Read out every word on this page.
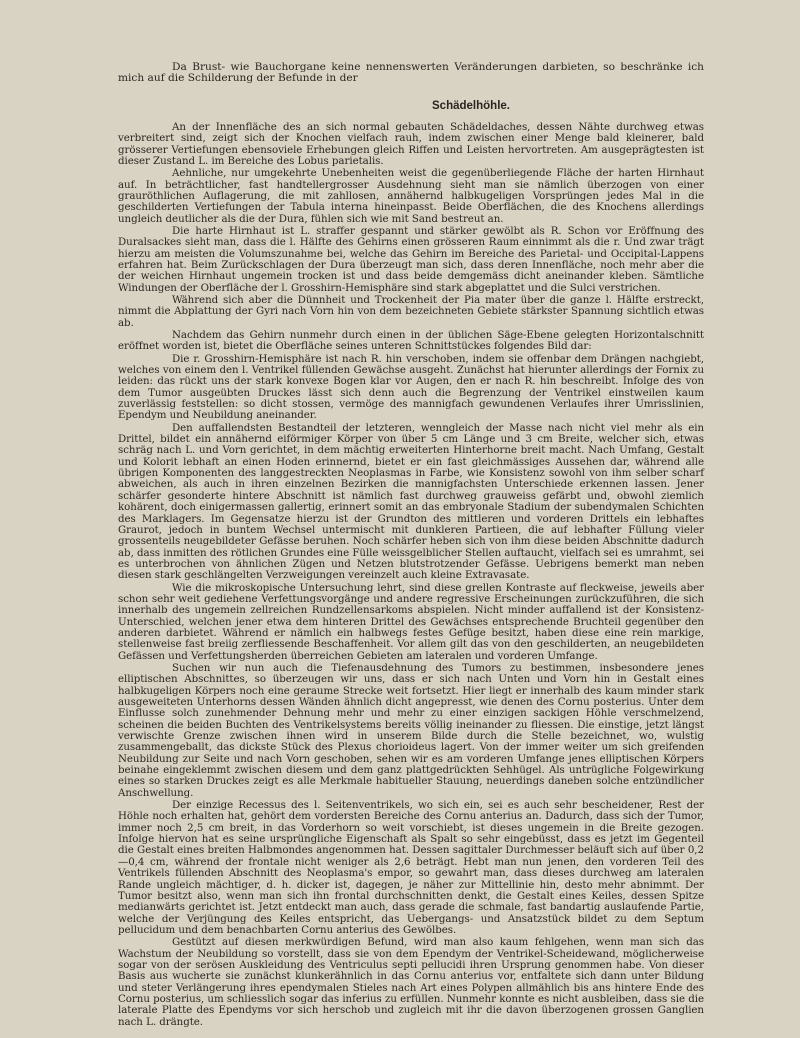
Da Brust- wie Bauchorgane keine nennenswerten Veränderungen darbieten, so beschränke ich mich auf die Schilderung der Befunde in der

Schädelhöhle.

An der Innenfläche des an sich normal gebauten Schädeldaches, dessen Nähte durchweg etwas verbreitert sind, zeigt sich der Knochen vielfach rauh, indem zwischen einer Menge bald kleinerer, bald grösserer Vertiefungen ebensoviele Erhebungen gleich Riffen und Leisten hervortreten. Am ausgeprägtesten ist dieser Zustand L. im Bereiche des Lobus parietalis.

Aehnliche, nur umgekehrte Unebenheiten weist die gegenüberliegende Fläche der harten Hirnhaut auf. In beträchtlicher, fast handtellergrosser Ausdehnung sieht man sie nämlich überzogen von einer grauröthlichen Auflagerung, die mit zahllosen, annähernd halbkugeligen Vorsprüngen jedes Mal in die geschilderten Vertiefungen der Tabula interna hineinpasst. Beide Oberflächen, die des Knochens allerdings ungleich deutlicher als die der Dura, fühlen sich wie mit Sand bestreut an.

Die harte Hirnhaut ist L. straffer gespannt und stärker gewölbt als R. Schon vor Eröffnung des Duralsackes sieht man, dass die l. Hälfte des Gehirns einen grösseren Raum einnimmt als die r. Und zwar trägt hierzu am meisten die Volumszunahme bei, welche das Gehirn im Bereiche des Parietal- und Occipital-Lappens erfahren hat. Beim Zurückschlagen der Dura überzeugt man sich, dass deren Innenfläche, noch mehr aber die der weichen Hirnhaut ungemein trocken ist und dass beide demgemäss dicht aneinander kleben. Sämtliche Windungen der Oberfläche der l. Grosshirn-Hemisphäre sind stark abgeplattet und die Sulci verstrichen.

Während sich aber die Dünnheit und Trockenheit der Pia mater über die ganze l. Hälfte erstreckt, nimmt die Abplattung der Gyri nach Vorn hin von dem bezeichneten Gebiete stärkster Spannung sichtlich etwas ab.

Nachdem das Gehirn nunmehr durch einen in der üblichen Säge-Ebene gelegten Horizontalschnitt eröffnet worden ist, bietet die Oberfläche seines unteren Schnittstückes folgendes Bild dar:

Die r. Grosshirn-Hemisphäre ist nach R. hin verschoben, indem sie offenbar dem Drängen nachgiebt, welches von einem den l. Ventrikel füllenden Gewächse ausgeht. Zunächst hat hierunter allerdings der Fornix zu leiden: das rückt uns der stark konvexe Bogen klar vor Augen, den er nach R. hin beschreibt. Infolge des von dem Tumor ausgeübten Druckes lässt sich denn auch die Begrenzung der Ventrikel einstweilen kaum zuverlässig feststellen: so dicht stossen, vermöge des mannigfach gewundenen Verlaufes ihrer Umrisslinien, Ependym und Neubildung aneinander.

Den auffallendsten Bestandteil der letzteren, wenngleich der Masse nach nicht viel mehr als ein Drittel, bildet ein annähernd eiförmiger Körper von über 5 cm Länge und 3 cm Breite, welcher sich, etwas schräg nach L. und Vorn gerichtet, in dem mächtig erweiterten Hinterhorne breit macht. Nach Umfang, Gestalt und Kolorit lebhaft an einen Hoden erinnernd, bietet er ein fast gleichmässiges Aussehen dar, während alle übrigen Komponenten des langgestreckten Neoplasmas in Farbe, wie Konsistenz sowohl von ihm selber scharf abweichen, als auch in ihren einzelnen Bezirken die mannigfachsten Unterschiede erkennen lassen. Jener schärfer gesonderte hintere Abschnitt ist nämlich fast durchweg grauweiss gefärbt und, obwohl ziemlich kohärent, doch einigermassen gallertig, erinnert somit an das embryonale Stadium der subendymalen Schichten des Marklagers. Im Gegensatze hierzu ist der Grundton des mittleren und vorderen Drittels ein lebhaftes Graurot, jedoch in buntem Wechsel untermischt mit dunkleren Partieen, die auf lebhafter Füllung vieler grossenteils neugebildeter Gefässe beruhen. Noch schärfer heben sich von ihm diese beiden Abschnitte dadurch ab, dass inmitten des rötlichen Grundes eine Fülle weissgelblicher Stellen auftaucht, vielfach sei es umrahmt, sei es unterbrochen von ähnlichen Zügen und Netzen blutstrotzender Gefässe. Uebrigens bemerkt man neben diesen stark geschlängelten Verzweigungen vereinzelt auch kleine Extravasate.

Wie die mikroskopische Untersuchung lehrt, sind diese grellen Kontraste auf fleckweise, jeweils aber schon sehr weit gediehene Verfettungsvorgänge und andere regressive Erscheinungen zurückzuführen, die sich innerhalb des ungemein zellreichen Rundzellensarkoms abspielen. Nicht minder auffallend ist der Konsistenz-Unterschied, welchen jener etwa dem hinteren Drittel des Gewächses entsprechende Bruchteil gegenüber den anderen darbietet. Während er nämlich ein halbwegs festes Gefüge besitzt, haben diese eine rein markige, stellenweise fast breiig zerfliessende Beschaffenheit. Vor allem gilt das von den geschilderten, an neugebildeten Gefässen und Verfettungsherden überreichen Gebieten am lateralen und vorderen Umfange.

Suchen wir nun auch die Tiefenausdehnung des Tumors zu bestimmen, insbesondere jenes elliptischen Abschnittes, so überzeugen wir uns, dass er sich nach Unten und Vorn hin in Gestalt eines halbkugeligen Körpers noch eine geraume Strecke weit fortsetzt. Hier liegt er innerhalb des kaum minder stark ausgeweiteten Unterhorns dessen Wänden ähnlich dicht angepresst, wie denen des Cornu posterius. Unter dem Einflusse solch zunehmender Dehnung mehr und mehr zu einer einzigen sackigen Höhle verschmelzend, scheinen die beiden Buchten des Ventrikelsystems bereits völlig ineinander zu fliessen. Die einstige, jetzt längst verwischte Grenze zwischen ihnen wird in unserem Bilde durch die Stelle bezeichnet, wo, wulstig zusammengeballt, das dickste Stück des Plexus chorioideus lagert. Von der immer weiter um sich greifenden Neubildung zur Seite und nach Vorn geschoben, sehen wir es am vorderen Umfange jenes elliptischen Körpers beinahe eingeklemmt zwischen diesem und dem ganz plattgedrückten Sehhügel. Als untrügliche Folgewirkung eines so starken Druckes zeigt es alle Merkmale habitueller Stauung, neuerdings daneben solche entzündlicher Anschwellung.

Der einzige Recessus des l. Seitenventrikels, wo sich ein, sei es auch sehr bescheidener, Rest der Höhle noch erhalten hat, gehört dem vordersten Bereiche des Cornu anterius an. Dadurch, dass sich der Tumor, immer noch 2,5 cm breit, in das Vorderhorn so weit vorschiebt, ist dieses ungemein in die Breite gezogen. Infolge hiervon hat es seine ursprüngliche Eigenschaft als Spalt so sehr eingebüsst, dass es jetzt im Gegenteil die Gestalt eines breiten Halbmondes angenommen hat. Dessen sagittaler Durchmesser beläuft sich auf über 0,2—0,4 cm, während der frontale nicht weniger als 2,6 beträgt. Hebt man nun jenen, den vorderen Teil des Ventrikels füllenden Abschnitt des Neoplasma's empor, so gewahrt man, dass dieses durchweg am lateralen Rande ungleich mächtiger, d. h. dicker ist, dagegen, je näher zur Mittellinie hin, desto mehr abnimmt. Der Tumor besitzt also, wenn man sich ihn frontal durchschnitten denkt, die Gestalt eines Keiles, dessen Spitze medianwärts gerichtet ist. Jetzt entdeckt man auch, dass gerade die schmale, fast bandartig auslaufende Partie, welche der Verjüngung des Keiles entspricht, das Uebergangs- und Ansatzstück bildet zu dem Septum pellucidum und dem benachbarten Cornu anterius des Gewölbes.

Gestützt auf diesen merkwürdigen Befund, wird man also kaum fehlgehen, wenn man sich das Wachstum der Neubildung so vorstellt, dass sie von dem Ependym der Ventrikel-Scheidewand, möglicherweise sogar von der serösen Auskleidung des Ventriculus septi pellucidi ihren Ursprung genommen habe. Von dieser Basis aus wucherte sie zunächst klunkerähnlich in das Cornu anterius vor, entfaltete sich dann unter Bildung und steter Verlängerung ihres ependymalen Stieles nach Art eines Polypen allmählich bis ans hintere Ende des Cornu posterius, um schliesslich sogar das inferius zu erfüllen. Nunmehr konnte es nicht ausbleiben, dass sie die laterale Platte des Ependyms vor sich herschob und zugleich mit ihr die davon überzogenen grossen Ganglien nach L. drängte.
